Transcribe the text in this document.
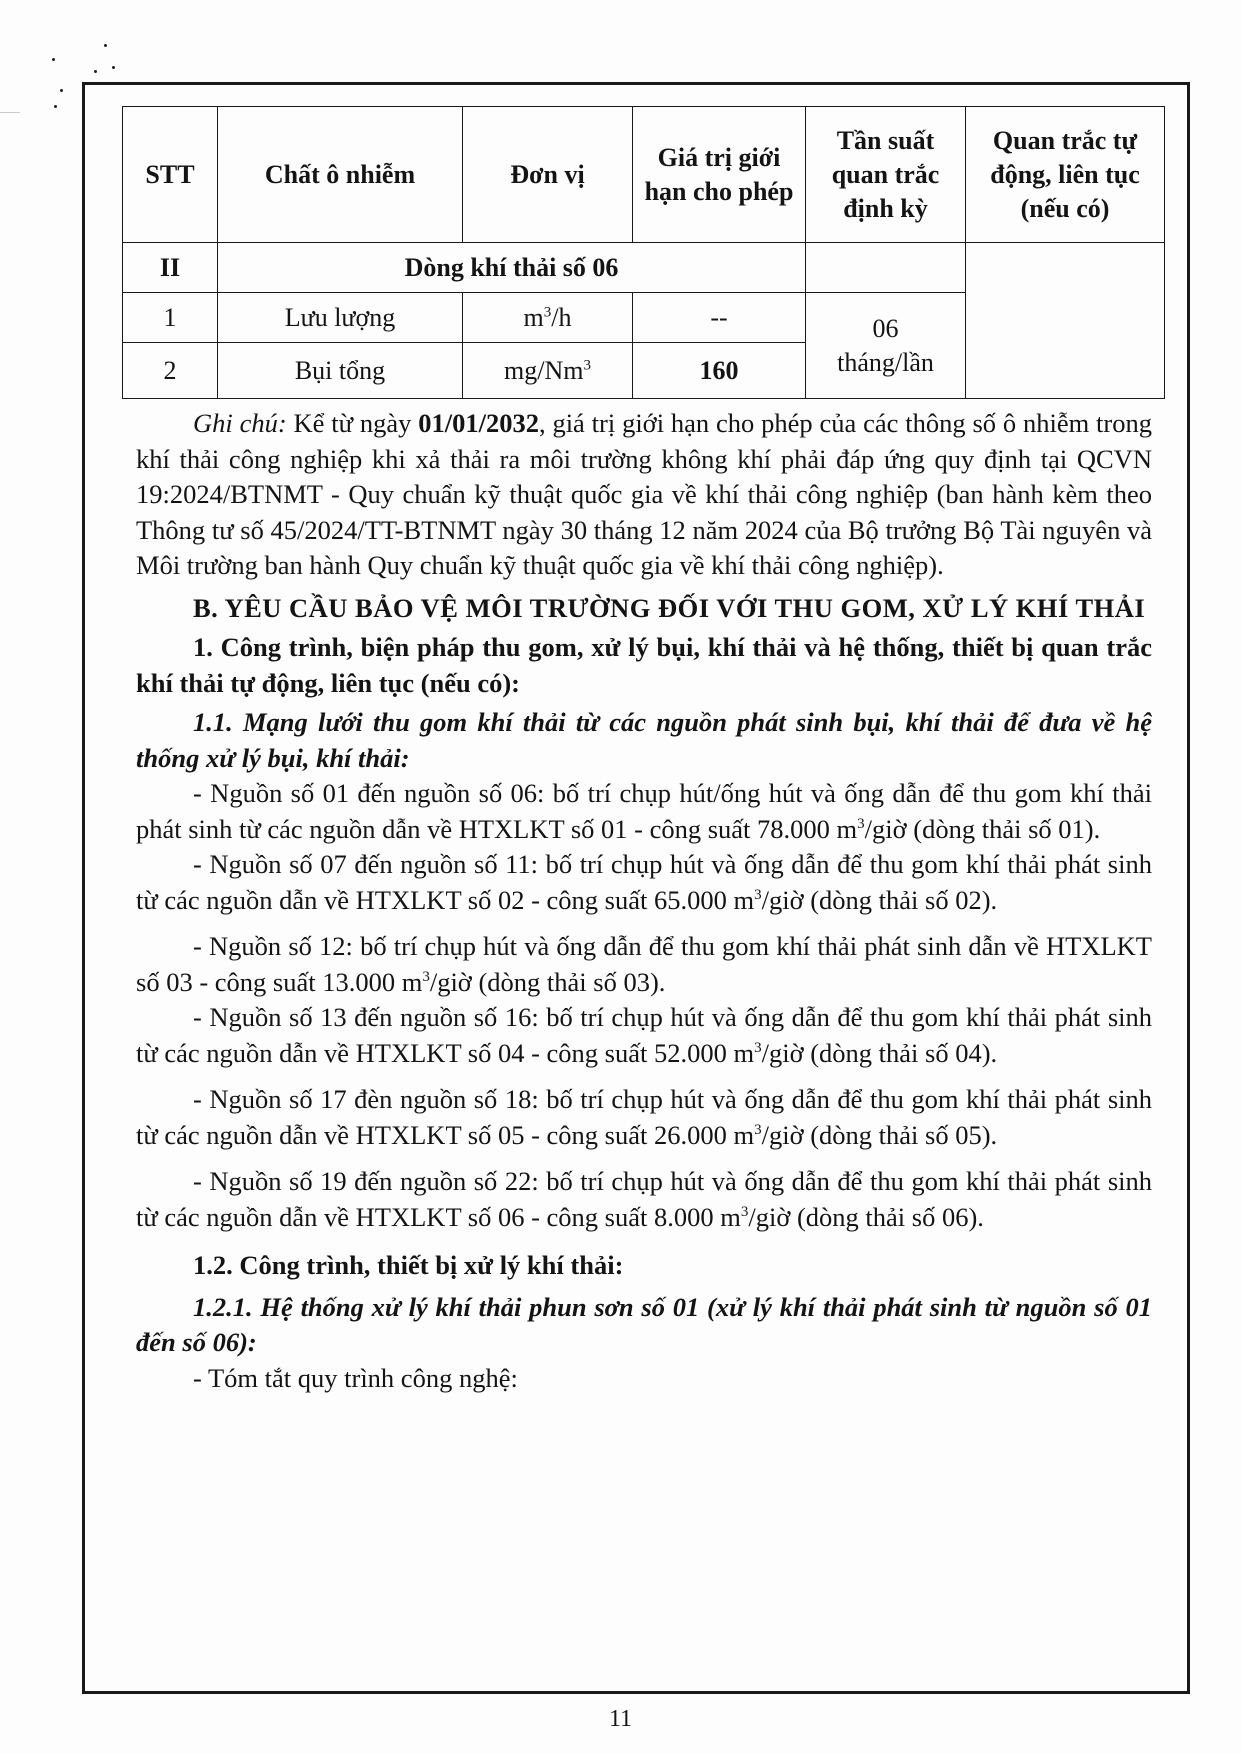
STT	Chất ô nhiễm	Đơn vị	Giá trị giới hạn cho phép	Tần suất quan trắc định kỳ	Quan trắc tự động, liên tục (nếu có)
II	Dòng khí thải số 06				
1	Lưu lượng	$m^3/h$	--	06 tháng/lần	
2	Bụi tổng	mg/Nm$^3$	160		

Ghi chú: Kể từ ngày 01/01/2032, giá trị giới hạn cho phép của các thông số ô nhiễm trong khí thải công nghiệp khi xả thải ra môi trường không khí phải đáp ứng quy định tại QCVN 19:2024/BTNMT - Quy chuẩn kỹ thuật quốc gia về khí thải công nghiệp (ban hành kèm theo Thông tư số 45/2024/TT-BTNMT ngày 30 tháng 12 năm 2024 của Bộ trưởng Bộ Tài nguyên và Môi trường ban hành Quy chuẩn kỹ thuật quốc gia về khí thải công nghiệp).

B. YÊU CẦU BẢO VỆ MÔI TRƯỜNG ĐỐI VỚI THU GOM, XỬ LÝ KHÍ THẢI

1. Công trình, biện pháp thu gom, xử lý bụi, khí thải và hệ thống, thiết bị quan trắc khí thải tự động, liên tục (nếu có):

1.1. Mạng lưới thu gom khí thải từ các nguồn phát sinh bụi, khí thải để đưa về hệ thống xử lý bụi, khí thải:

- Nguồn số 01 đến nguồn số 06: bố trí chụp hút/ống hút và ống dẫn để thu gom khí thải phát sinh từ các nguồn dẫn về HTXLKT số 01 - công suất 78.000 $m^3$/giờ (dòng thải số 01).

- Nguồn số 07 đến nguồn số 11: bố trí chụp hút và ống dẫn để thu gom khí thải phát sinh từ các nguồn dẫn về HTXLKT số 02 - công suất 65.000 $m^3$/giờ (dòng thải số 02).

- Nguồn số 12: bố trí chụp hút và ống dẫn để thu gom khí thải phát sinh dẫn về HTXLKT số 03 - công suất 13.000 $m^3$/giờ (dòng thải số 03).

- Nguồn số 13 đến nguồn số 16: bố trí chụp hút và ống dẫn để thu gom khí thải phát sinh từ các nguồn dẫn về HTXLKT số 04 - công suất 52.000 $m^3$/giờ (dòng thải số 04).

- Nguồn số 17 đèn nguồn số 18: bố trí chụp hút và ống dẫn để thu gom khí thải phát sinh từ các nguồn dẫn về HTXLKT số 05 - công suất 26.000 $m^3$/giờ (dòng thải số 05).

- Nguồn số 19 đến nguồn số 22: bố trí chụp hút và ống dẫn để thu gom khí thải phát sinh từ các nguồn dẫn về HTXLKT số 06 - công suất 8.000 $m^3$/giờ (dòng thải số 06).

1.2. Công trình, thiết bị xử lý khí thải:

1.2.1. Hệ thống xử lý khí thải phun sơn số 01 (xử lý khí thải phát sinh từ nguồn số 01 đến số 06):

- Tóm tắt quy trình công nghệ:

11
